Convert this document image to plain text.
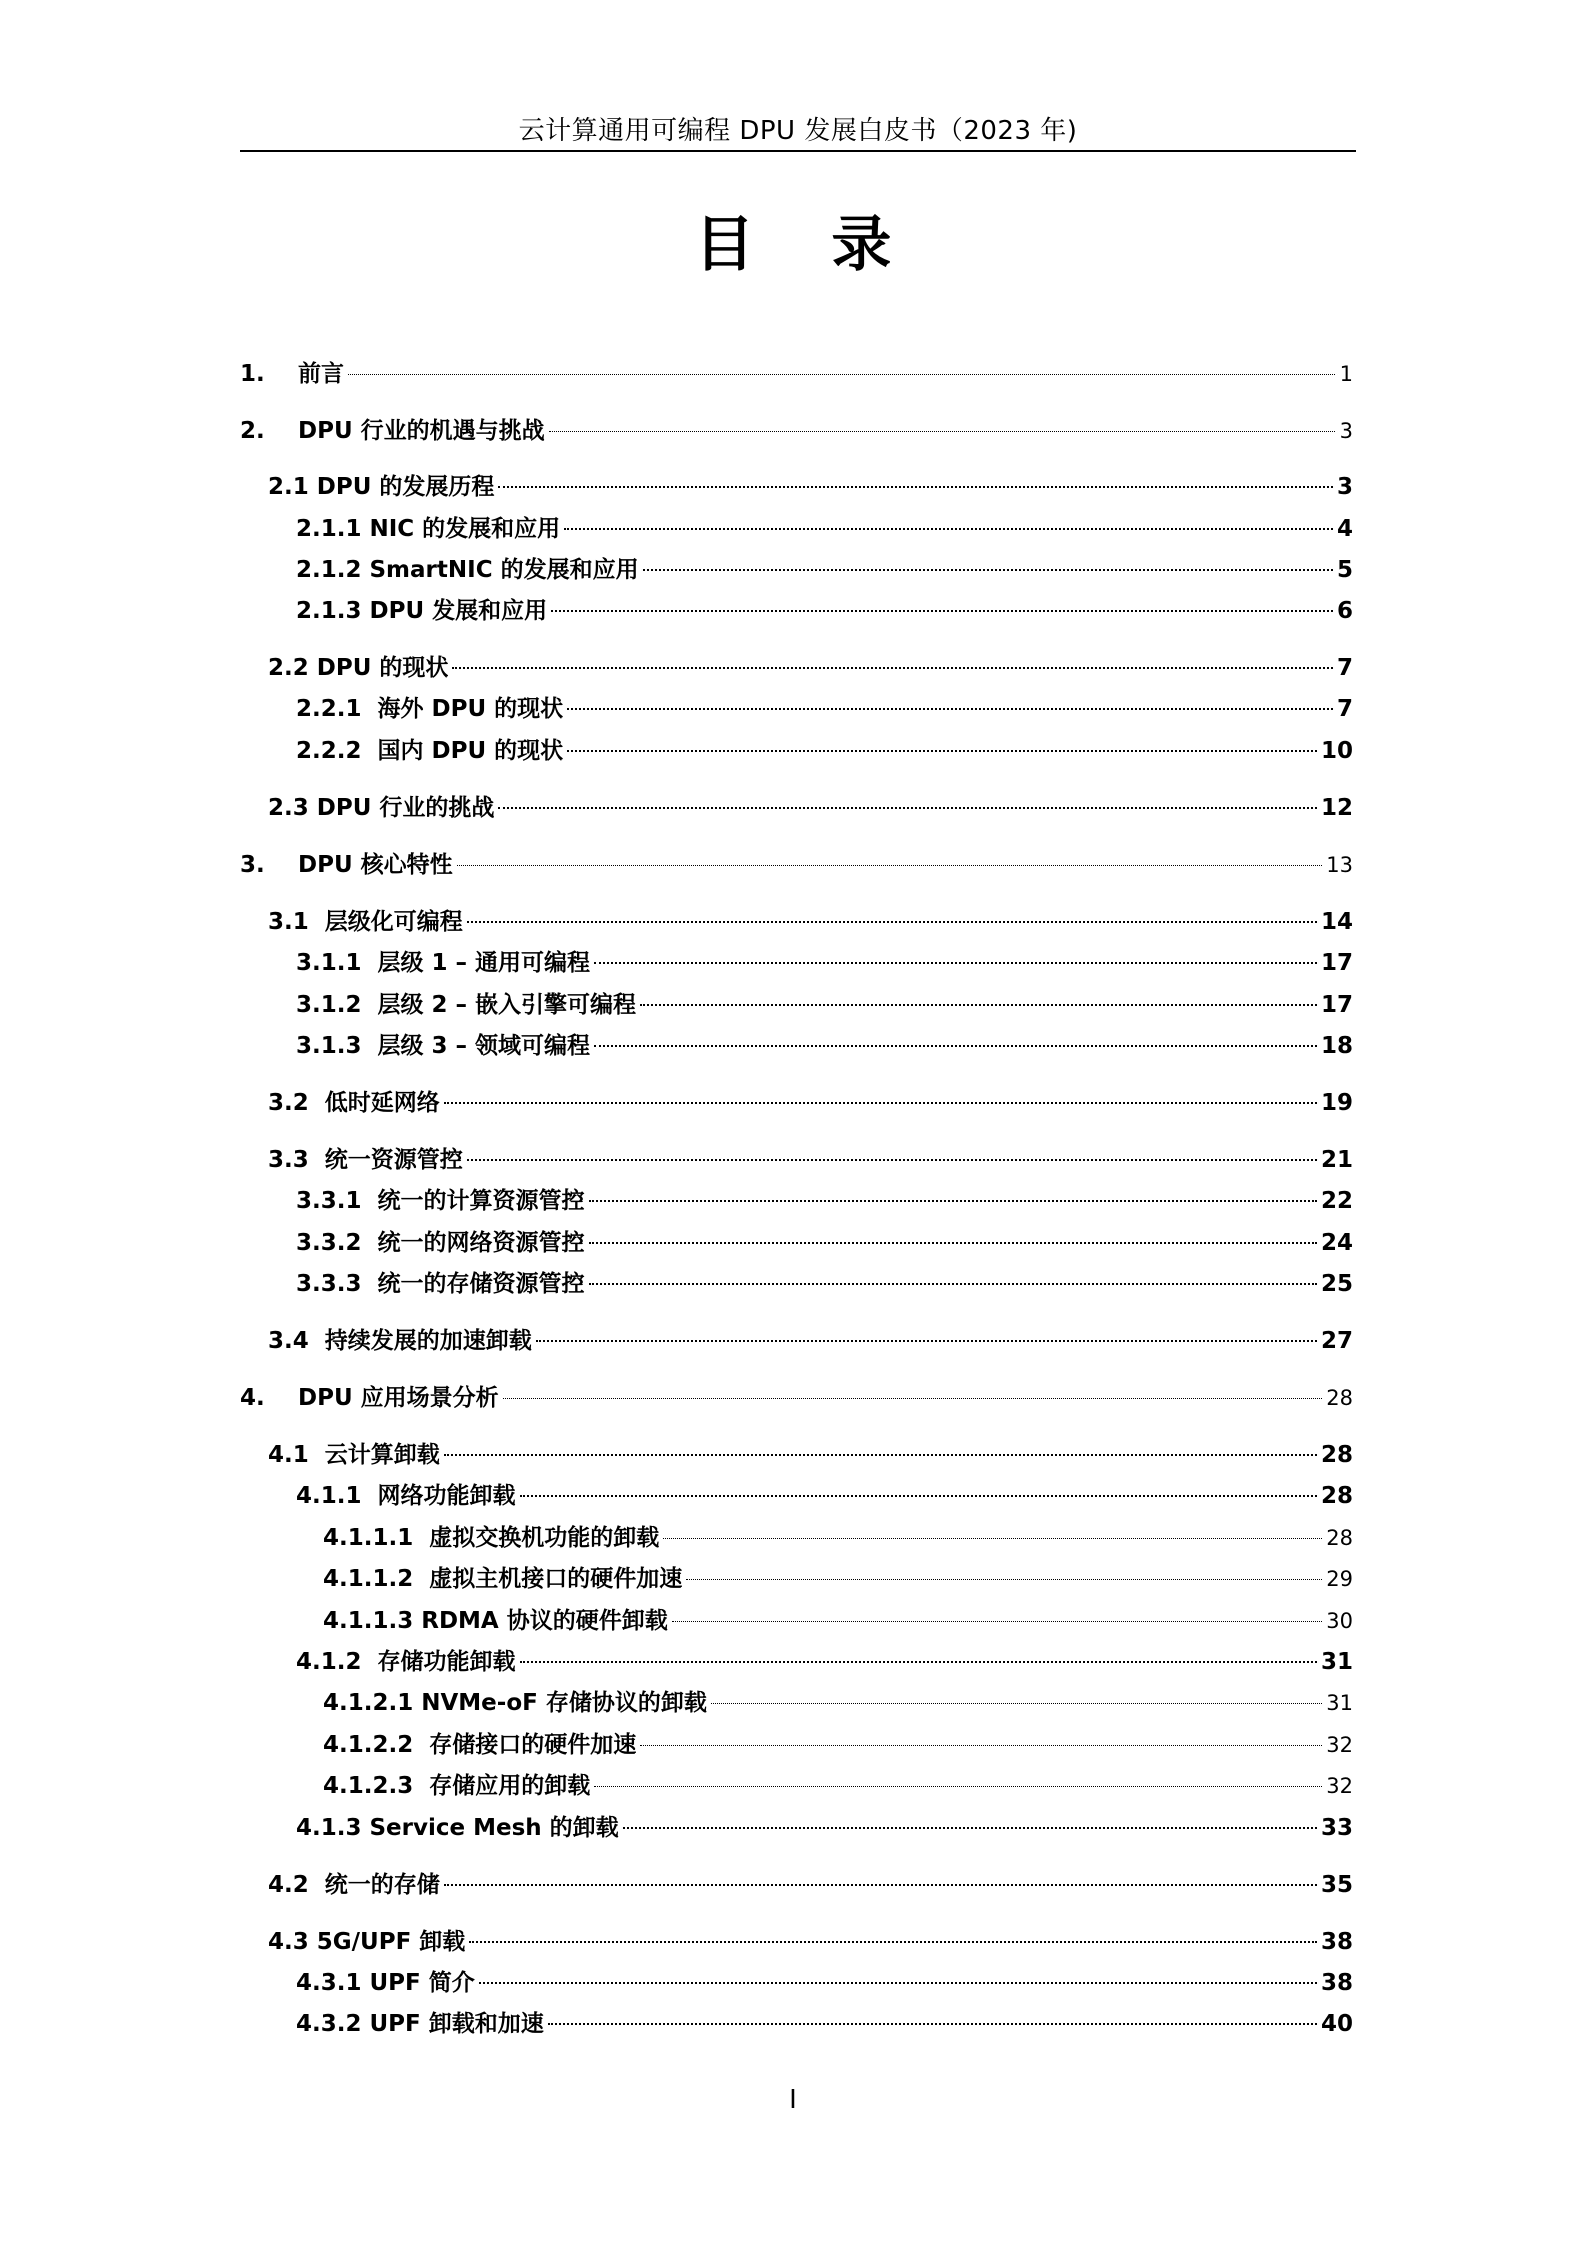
云计算通用可编程 DPU 发展白皮书（2023 年)
目 录
1.	前言	1
2.	DPU 行业的机遇与挑战	3
2.1 DPU 的发展历程	3
2.1.1 NIC 的发展和应用	4
2.1.2 SmartNIC 的发展和应用	5
2.1.3 DPU 发展和应用	6
2.2 DPU 的现状	7
2.2.1  海外 DPU 的现状	7
2.2.2  国内 DPU 的现状	10
2.3 DPU 行业的挑战	12
3.	DPU 核心特性	13
3.1  层级化可编程	14
3.1.1  层级 1 – 通用可编程	17
3.1.2  层级 2 – 嵌入引擎可编程	17
3.1.3  层级 3 – 领域可编程	18
3.2  低时延网络	19
3.3  统一资源管控	21
3.3.1  统一的计算资源管控	22
3.3.2  统一的网络资源管控	24
3.3.3  统一的存储资源管控	25
3.4  持续发展的加速卸载	27
4.	DPU 应用场景分析	28
4.1  云计算卸载	28
4.1.1  网络功能卸载	28
4.1.1.1  虚拟交换机功能的卸载	28
4.1.1.2  虚拟主机接口的硬件加速	29
4.1.1.3 RDMA 协议的硬件卸载	30
4.1.2  存储功能卸载	31
4.1.2.1 NVMe-oF 存储协议的卸载	31
4.1.2.2  存储接口的硬件加速	32
4.1.2.3  存储应用的卸载	32
4.1.3 Service Mesh 的卸载	33
4.2  统一的存储	35
4.3 5G/UPF 卸载	38
4.3.1 UPF 简介	38
4.3.2 UPF 卸载和加速	40
I
